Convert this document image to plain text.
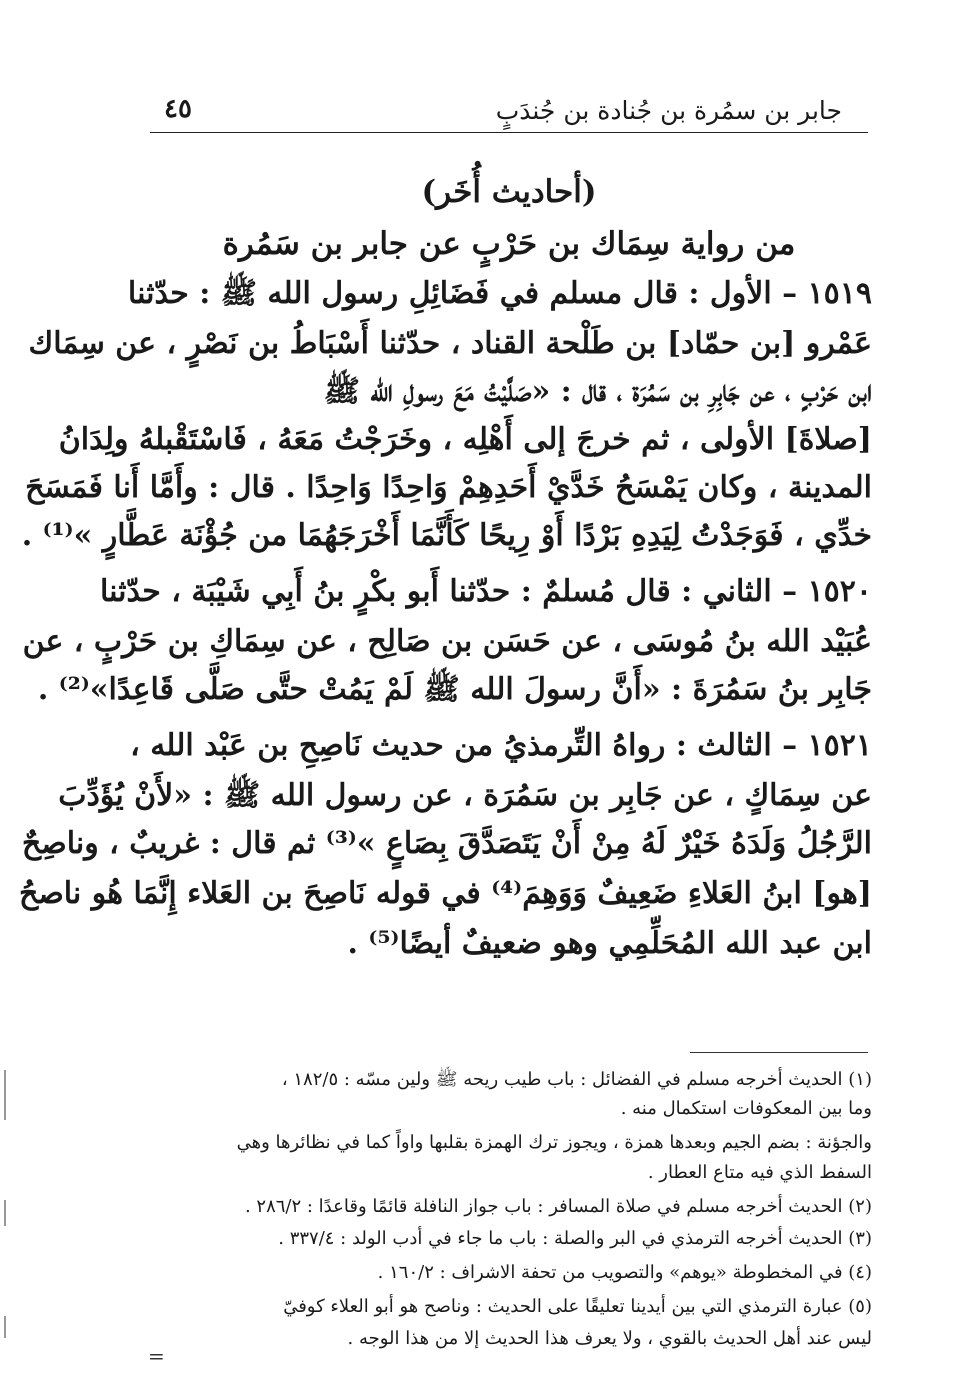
جابر بن سمُرة بن جُنادة بن جُندَبٍ
٤٥
(أحاديث أُخَر)
من رواية سِمَاك بن حَرْبٍ عن جابر بن سَمُرة
١٥١٩ – الأول : قال مسلم في فَضَائِلِ رسول الله ﷺ : حدّثنا
عَمْرو [بن حمّاد] بن طَلْحة القناد ، حدّثنا أَسْبَاطُ بن نَصْرٍ ، عن سِمَاك
ابن حَرْبٍ ، عن جَابِرِ بن سَمُرَة ، قال : «صَلَّيْتُ مَعَ رسولِ الله ﷺ
[صلاةَ] الأولى ، ثم خرجَ إلى أَهْلِه ، وخَرَجْتُ مَعَهُ ، فَاسْتَقْبلهُ ولِدَانُ
المدينة ، وكان يَمْسَحُ خَدَّيْ أَحَدِهِمْ وَاحِدًا وَاحِدًا . قال : وأَمَّا أَنا فَمَسَحَ
خدِّي ، فَوَجَدْتُ لِيَدِهِ بَرْدًا أَوْ رِيحًا كَأَنَّمَا أَخْرَجَهُمَا من جُؤْنَة عَطَّارٍ »⁽¹⁾ .
١٥٢٠ – الثاني : قال مُسلمٌ : حدّثنا أَبو بكْرٍ بنُ أَبِي شَيْبَة ، حدّثنا
عُبَيْد الله بنُ مُوسَى ، عن حَسَن بن صَالِح ، عن سِمَاكِ بن حَرْبٍ ، عن
جَابِر بنُ سَمُرَةَ : «أَنَّ رسولَ الله ﷺ لَمْ يَمُتْ حتَّى صَلَّى قَاعِدًا»⁽²⁾ .
١٥٢١ – الثالث : رواهُ التِّرمذيُ من حديث نَاصِحِ بن عَبْد الله ،
عن سِمَاكٍ ، عن جَابِر بن سَمُرَة ، عن رسول الله ﷺ : «لأَنْ يُؤَدِّبَ
الرَّجُلُ وَلَدَهُ خَيْرٌ لَهُ مِنْ أَنْ يَتَصَدَّقَ بِصَاعٍ »⁽³⁾ ثم قال : غريبٌ ، وناصِحٌ
[هو] ابنُ العَلاءِ ضَعِيفٌ وَوَهِمَ⁽⁴⁾ في قوله نَاصِحَ بن العَلاء إِنَّمَا هُو ناصحُ
ابن عبد الله المُحَلِّمِي وهو ضعيفٌ أيضًا⁽⁵⁾ .
(١) الحديث أخرجه مسلم في الفضائل : باب طيب ريحه ﷺ ولين مسّه : ١٨٢/٥ ،
وما بين المعكوفات استكمال منه .
والجؤنة : بضم الجيم وبعدها همزة ، ويجوز ترك الهمزة بقلبها واواً كما في نظائرها وهي
السفط الذي فيه متاع العطار .
(٢) الحديث أخرجه مسلم في صلاة المسافر : باب جواز النافلة قائمًا وقاعدًا : ٢٨٦/٢ .
(٣) الحديث أخرجه الترمذي في البر والصلة : باب ما جاء في أدب الولد : ٣٣٧/٤ .
(٤) في المخطوطة «يوهم» والتصويب من تحفة الاشراف : ١٦٠/٢ .
(٥) عبارة الترمذي التي بين أيدينا تعليقًا على الحديث : وناصح هو أبو العلاء كوفيّ
ليس عند أهل الحديث بالقوي ، ولا يعرف هذا الحديث إلا من هذا الوجه .
=
